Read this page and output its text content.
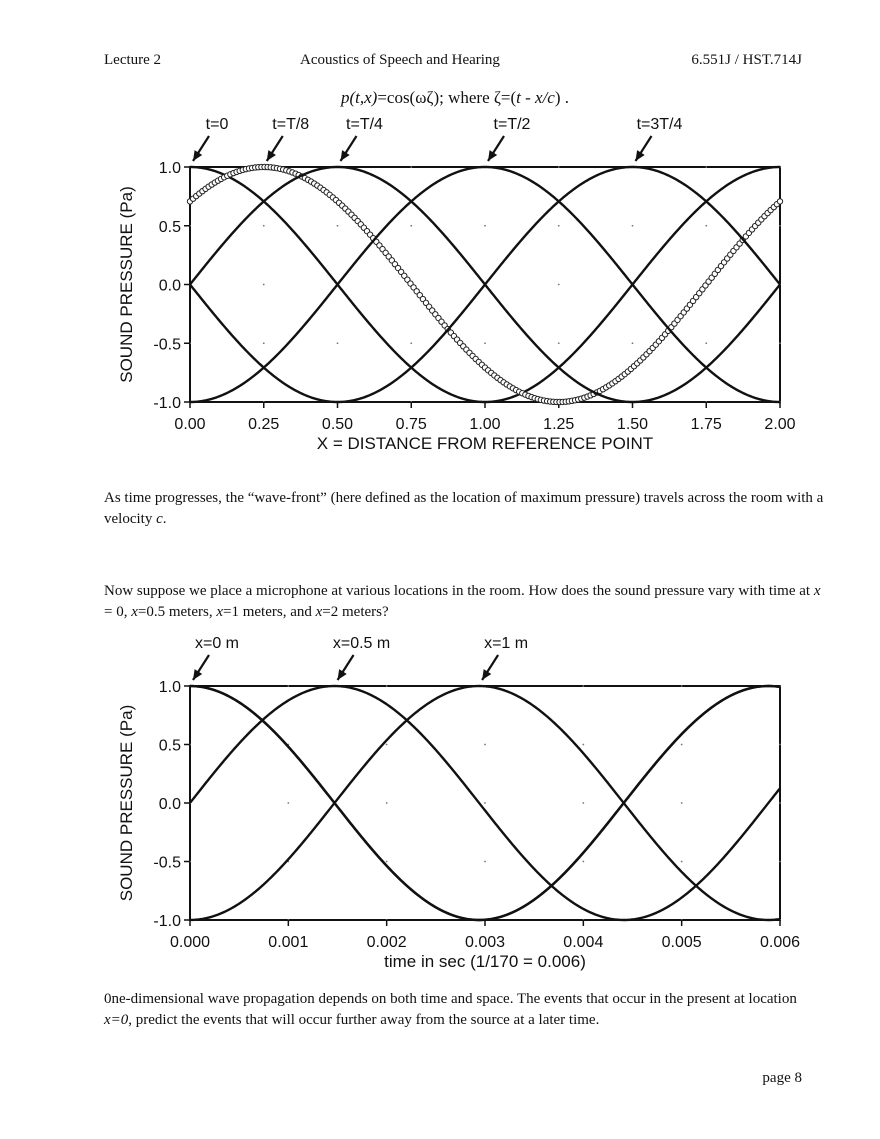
Lecture 2	Acoustics of Speech and Hearing	6.551J / HST.714J
p(t,x)=cos(ωζ); where ζ=(t - x/c) .
1.0
0.5
0.0
-0.5
-1.0
0.00	0.25	0.50	0.75	1.00	1.25	1.50	1.75	2.00
X = DISTANCE FROM REFERENCE POINT
SOUND PRESSURE (Pa)
t=0	t=T/8 t=T/4	t=T/2	t=3T/4
As time progresses, the “wave-front” (here defined as the location of maximum pressure) travels across the room with a velocity c.
Now suppose we place a microphone at various locations in the room. How does the sound pressure vary with time at x = 0, x=0.5 meters, x=1 meters, and x=2 meters?
1.0
0.5
0.0
-0.5
-1.0
0.000	0.001	0.002	0.003	0.004	0.005	0.006
time in sec (1/170 = 0.006)
SOUND PRESSURE (Pa)
x=0 m	x=0.5 m	x=1 m
0ne-dimensional wave propagation depends on both time and space. The events that occur in the present at location x=0, predict the events that will occur further away from the source at a later time.
page 8
